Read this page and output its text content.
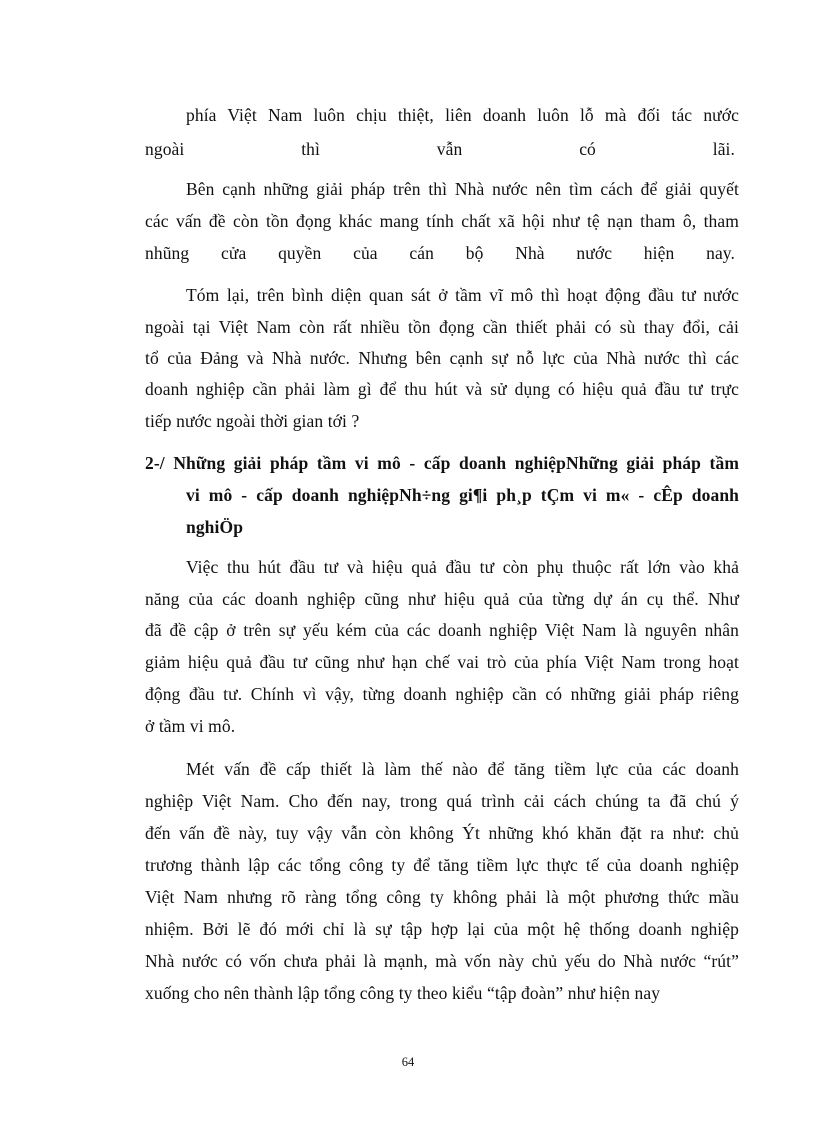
phía Việt Nam luôn chịu thiệt, liên doanh luôn lỗ mà đối tác nước
ngoài thì vẫn có lãi.
Bên cạnh những giải pháp trên thì Nhà nước nên tìm cách để giải quyết
các vấn đề còn tồn đọng khác mang tính chất xã hội như tệ nạn tham ô, tham
nhũng cửa quyền của cán bộ Nhà nước hiện nay.
Tóm lại, trên bình diện quan sát ở tầm vĩ mô thì hoạt động đầu tư nước
ngoài tại Việt Nam còn rất nhiều tồn đọng cần thiết phải có sù thay đổi, cải
tổ của Đảng và Nhà nước. Nhưng bên cạnh sự nỗ lực của Nhà nước thì các
doanh nghiệp cần phải làm gì để thu hút và sử dụng có hiệu quả đầu tư trực
tiếp nước ngoài thời gian tới ?
2-/ Những giải pháp tầm vi mô - cấp doanh nghiệpNhững giải pháp tầm
vi mô - cấp doanh nghiệpNh÷ng gi¶i ph¸p tÇm vi m« - cÊp doanh
nghiÖp
Việc thu hút đầu tư và hiệu quả đầu tư còn phụ thuộc rất lớn vào khả
năng của các doanh nghiệp cũng như hiệu quả của từng dự án cụ thể. Như
đã đề cập ở trên sự yếu kém của các doanh nghiệp Việt Nam là nguyên nhân
giảm hiệu quả đầu tư cũng như hạn chế vai trò của phía Việt Nam trong hoạt
động đầu tư. Chính vì vậy, từng doanh nghiệp cần có những giải pháp riêng
ở tầm vi mô.
Mét vấn đề cấp thiết là làm thế nào để tăng tiềm lực của các doanh
nghiệp Việt Nam. Cho đến nay, trong quá trình cải cách chúng ta đã chú ý
đến vấn đề này, tuy vậy vẫn còn không Ýt những khó khăn đặt ra như: chủ
trương thành lập các tổng công ty để tăng tiềm lực thực tế của doanh nghiệp
Việt Nam nhưng rõ ràng tổng công ty không phải là một phương thức mầu
nhiệm. Bởi lẽ đó mới chỉ là sự tập hợp lại của một hệ thống doanh nghiệp
Nhà nước có vốn chưa phải là mạnh, mà vốn này chủ yếu do Nhà nước “rút”
xuống cho nên thành lập tổng công ty theo kiểu “tập đoàn” như hiện nay
64
